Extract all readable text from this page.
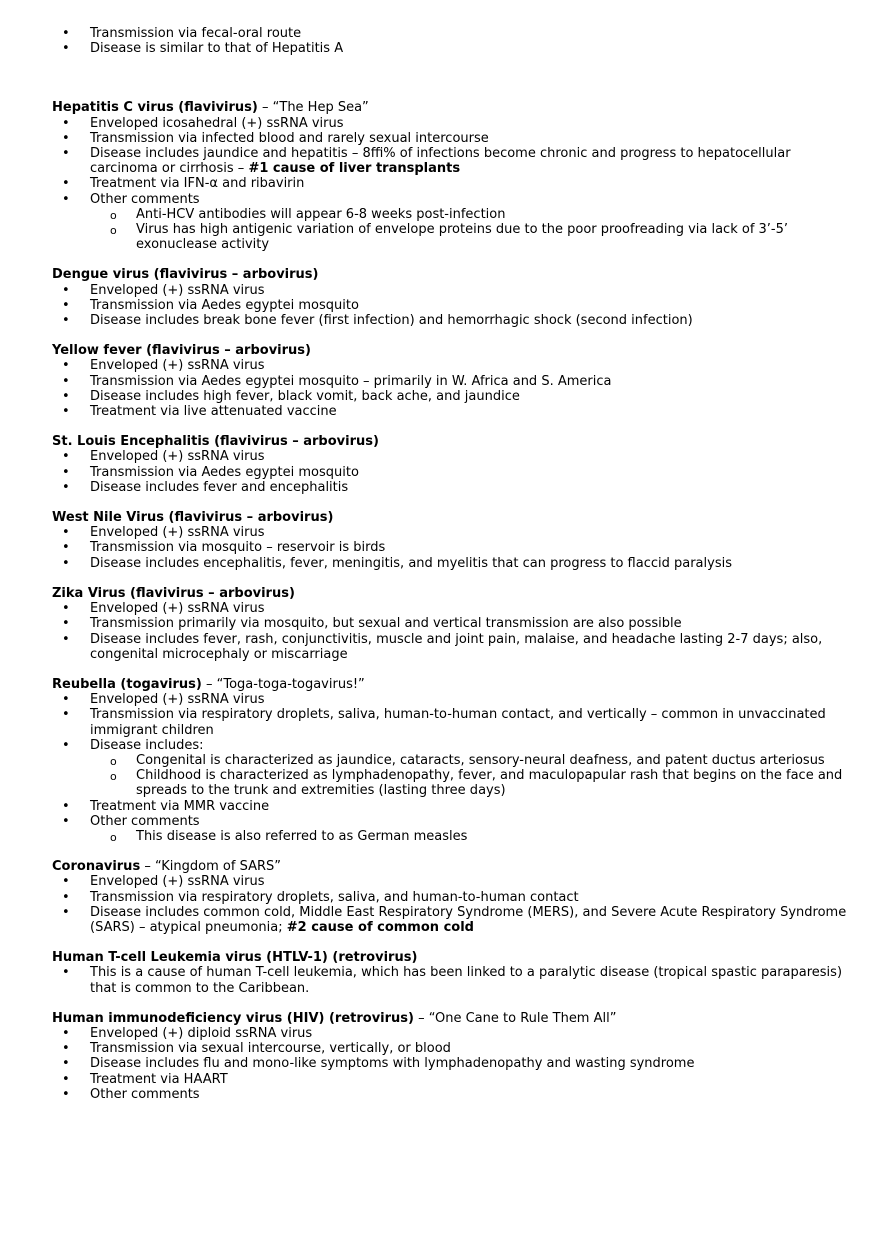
• Transmission via fecal-oral route
• Disease is similar to that of Hepatitis A

Hepatitis C virus (flavivirus) – “The Hep Sea”

• Enveloped icosahedral (+) ssRNA virus
• Transmission via infected blood and rarely sexual intercourse
• Disease includes jaundice and hepatitis – 8ffi% of infections become chronic and progress to hepatocellular carcinoma or cirrhosis – #1 cause of liver transplants
• Treatment via IFN-α and ribavirin
• Other comments
o Anti-HCV antibodies will appear 6-8 weeks post-infection
o Virus has high antigenic variation of envelope proteins due to the poor proofreading via lack of 3’-5’ exonuclease activity

Dengue virus (flavivirus – arbovirus)

• Enveloped (+) ssRNA virus
• Transmission via Aedes egyptei mosquito
• Disease includes break bone fever (first infection) and hemorrhagic shock (second infection)

Yellow fever (flavivirus – arbovirus)

• Enveloped (+) ssRNA virus
• Transmission via Aedes egyptei mosquito – primarily in W. Africa and S. America
• Disease includes high fever, black vomit, back ache, and jaundice
• Treatment via live attenuated vaccine

St. Louis Encephalitis (flavivirus – arbovirus)

• Enveloped (+) ssRNA virus
• Transmission via Aedes egyptei mosquito
• Disease includes fever and encephalitis

West Nile Virus (flavivirus – arbovirus)

• Enveloped (+) ssRNA virus
• Transmission via mosquito – reservoir is birds
• Disease includes encephalitis, fever, meningitis, and myelitis that can progress to flaccid paralysis

Zika Virus (flavivirus – arbovirus)

• Enveloped (+) ssRNA virus
• Transmission primarily via mosquito, but sexual and vertical transmission are also possible
• Disease includes fever, rash, conjunctivitis, muscle and joint pain, malaise, and headache lasting 2-7 days; also, congenital microcephaly or miscarriage

Reubella (togavirus) – “Toga-toga-togavirus!”

• Enveloped (+) ssRNA virus
• Transmission via respiratory droplets, saliva, human-to-human contact, and vertically – common in unvaccinated immigrant children
• Disease includes:
o Congenital is characterized as jaundice, cataracts, sensory-neural deafness, and patent ductus arteriosus
o Childhood is characterized as lymphadenopathy, fever, and maculopapular rash that begins on the face and spreads to the trunk and extremities (lasting three days)
• Treatment via MMR vaccine
• Other comments
o This disease is also referred to as German measles

Coronavirus – “Kingdom of SARS”

• Enveloped (+) ssRNA virus
• Transmission via respiratory droplets, saliva, and human-to-human contact
• Disease includes common cold, Middle East Respiratory Syndrome (MERS), and Severe Acute Respiratory Syndrome (SARS) – atypical pneumonia; #2 cause of common cold

Human T-cell Leukemia virus (HTLV-1) (retrovirus)

• This is a cause of human T-cell leukemia, which has been linked to a paralytic disease (tropical spastic paraparesis) that is common to the Caribbean.

Human immunodeficiency virus (HIV) (retrovirus) – “One Cane to Rule Them All”

• Enveloped (+) diploid ssRNA virus
• Transmission via sexual intercourse, vertically, or blood
• Disease includes flu and mono-like symptoms with lymphadenopathy and wasting syndrome
• Treatment via HAART
• Other comments
